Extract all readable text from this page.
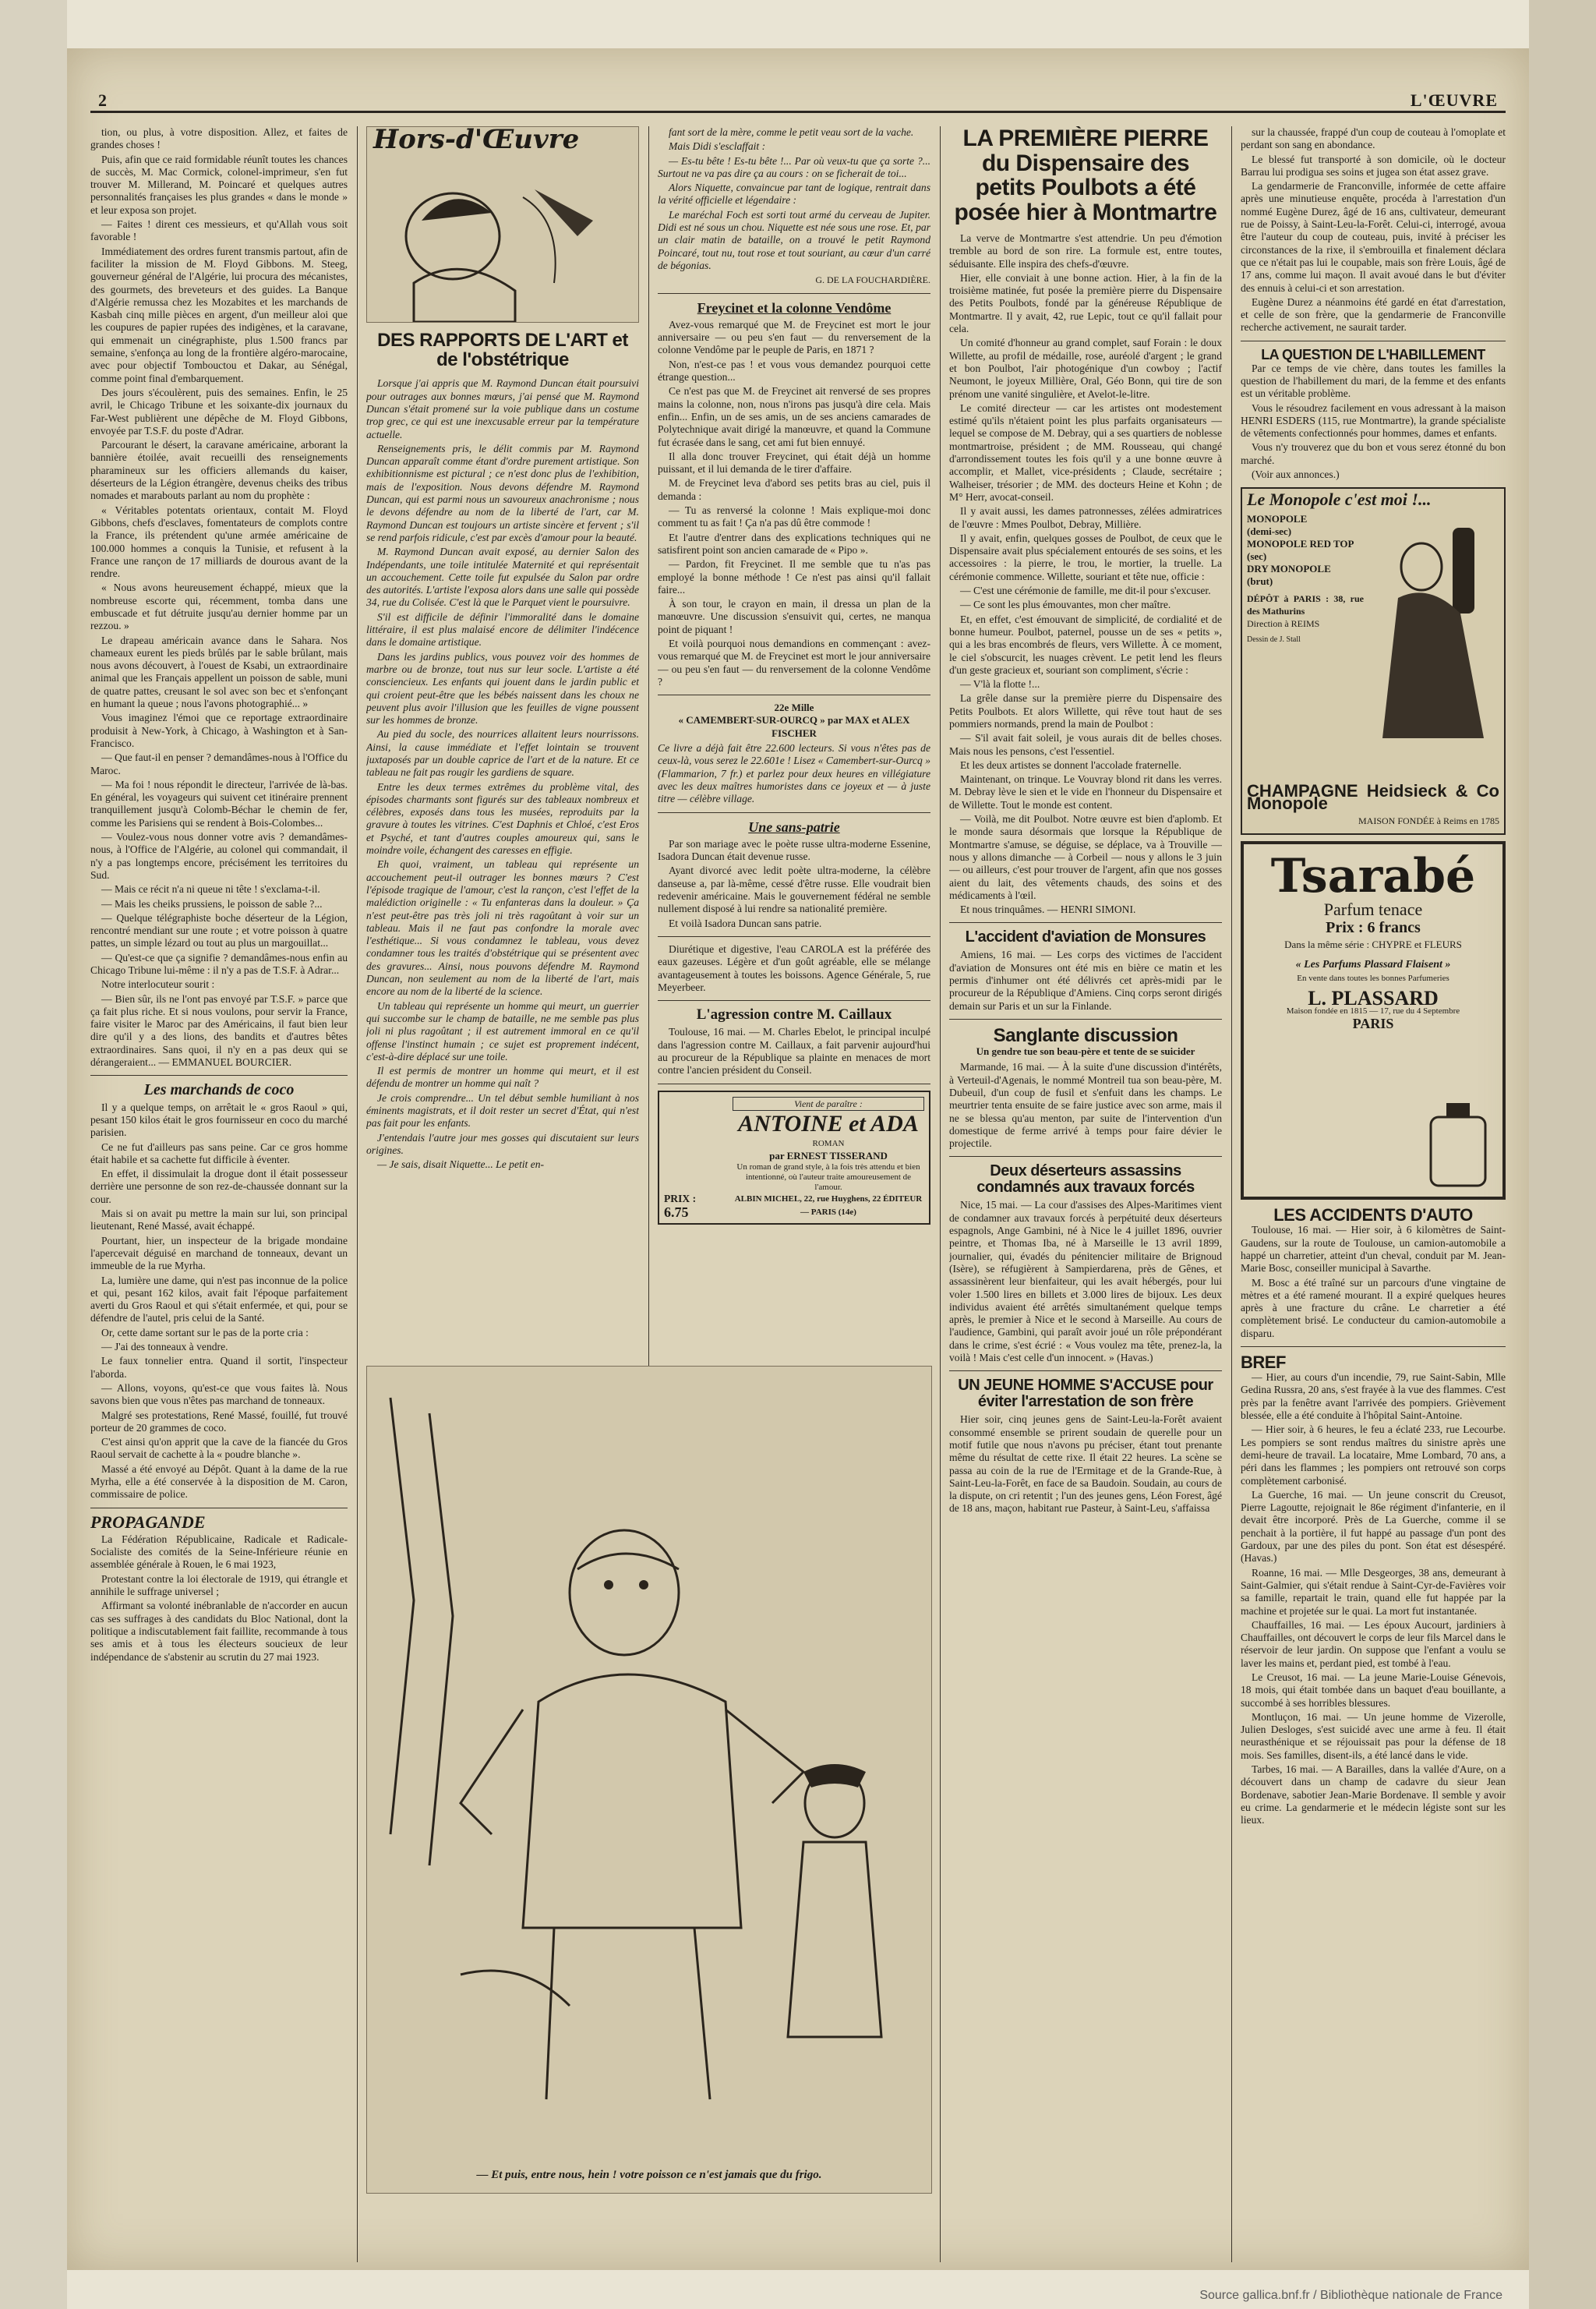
2	L'ŒUVRE

tion, ou plus, à votre disposition. Allez, et faites de grandes choses !

Puis, afin que ce raid formidable réunît toutes les chances de succès, M. Mac Cormick, colonel-imprimeur, s'en fut trouver M. Millerand, M. Poincaré et quelques autres personnalités françaises les plus grandes « dans le monde » et leur exposa son projet.

— Faites ! dirent ces messieurs, et qu'Allah vous soit favorable !

Immédiatement des ordres furent transmis partout, afin de faciliter la mission de M. Floyd Gibbons. M. Steeg, gouverneur général de l'Algérie, lui procura des mécanistes, des gourmets, des breveteurs et des guides. La Banque d'Algérie remussa chez les Mozabites et les marchands de Kasbah cinq mille pièces en argent, d'un meilleur aloi que les coupures de papier rupées des indigènes, et la caravane, qui emmenait un cinégraphiste, plus 1.500 francs par semaine, s'enfonça au long de la frontière algéro-marocaine, avec pour objectif Tombouctou et Dakar, au Sénégal, comme point final d'embarquement.

Des jours s'écoulèrent, puis des semaines. Enfin, le 25 avril, le Chicago Tribune et les soixante-dix journaux du Far-West publièrent une dépêche de M. Floyd Gibbons, envoyée par T.S.F. du poste d'Adrar.

Parcourant le désert, la caravane américaine, arborant la bannière étoilée, avait recueilli des renseignements pharamineux sur les officiers allemands du kaiser, déserteurs de la Légion étrangère, devenus cheiks des tribus nomades et marabouts parlant au nom du prophète :

« Véritables potentats orientaux, contait M. Floyd Gibbons, chefs d'esclaves, fomentateurs de complots contre la France, ils prétendent qu'une armée américaine de 100.000 hommes a conquis la Tunisie, et refusent à la France une rançon de 17 milliards de dourous avant de la rendre.

« Nous avons heureusement échappé, mieux que la nombreuse escorte qui, récemment, tomba dans une embuscade et fut détruite jusqu'au dernier homme par un rezzou. »

Le drapeau américain avance dans le Sahara. Nos chameaux eurent les pieds brûlés par le sable brûlant, mais nous avons découvert, à l'ouest de Ksabi, un extraordinaire animal que les Français appellent un poisson de sable, muni de quatre pattes, creusant le sol avec son bec et s'enfonçant en humant la queue ; nous l'avons photographié... »

Vous imaginez l'émoi que ce reportage extraordinaire produisit à New-York, à Chicago, à Washington et à San-Francisco.

— Que faut-il en penser ? demandâmes-nous à l'Office du Maroc.

— Ma foi ! nous répondit le directeur, l'arrivée de là-bas. En général, les voyageurs qui suivent cet itinéraire prennent tranquillement jusqu'à Colomb-Béchar le chemin de fer, comme les Parisiens qui se rendent à Bois-Colombes...

— Voulez-vous nous donner votre avis ? demandâmes-nous, à l'Office de l'Algérie, au colonel qui commandait, il n'y a pas longtemps encore, précisément les territoires du Sud.

— Mais ce récit n'a ni queue ni tête ! s'exclama-t-il.

— Mais les cheiks prussiens, le poisson de sable ?...

— Quelque télégraphiste boche déserteur de la Légion, rencontré mendiant sur une route ; et votre poisson à quatre pattes, un simple lézard ou tout au plus un margouillat...

— Qu'est-ce que ça signifie ? demandâmes-nous enfin au Chicago Tribune lui-même : il n'y a pas de T.S.F. à Adrar...

Notre interlocuteur sourit :

— Bien sûr, ils ne l'ont pas envoyé par T.S.F. » parce que ça fait plus riche. Et si nous voulons, pour servir la France, faire visiter le Maroc par des Américains, il faut bien leur dire qu'il y a des lions, des bandits et d'autres bêtes extraordinaires. Sans quoi, il n'y en a pas deux qui se dérangeraient... — EMMANUEL BOURCIER.

Les marchands de coco

Il y a quelque temps, on arrêtait le « gros Raoul » qui, pesant 150 kilos était le gros fournisseur en coco du marché parisien.

Ce ne fut d'ailleurs pas sans peine. Car ce gros homme était habile et sa cachette fut difficile à éventer.

En effet, il dissimulait la drogue dont il était possesseur derrière une personne de son rez-de-chaussée donnant sur la cour.

Mais si on avait pu mettre la main sur lui, son principal lieutenant, René Massé, avait échappé.

Pourtant, hier, un inspecteur de la brigade mondaine l'apercevait déguisé en marchand de tonneaux, devant un immeuble de la rue Myrha.

La, lumière une dame, qui n'est pas inconnue de la police et qui, pesant 162 kilos, avait fait l'époque parfaitement averti du Gros Raoul et qui s'était enfermée, et qui, pour se défendre de l'autel, pris celui de la Santé.

Or, cette dame sortant sur le pas de la porte cria :

— J'ai des tonneaux à vendre.

Le faux tonnelier entra. Quand il sortit, l'inspecteur l'aborda.

— Allons, voyons, qu'est-ce que vous faites là. Nous savons bien que vous n'êtes pas marchand de tonneaux.

Malgré ses protestations, René Massé, fouillé, fut trouvé porteur de 20 grammes de coco.

C'est ainsi qu'on apprit que la cave de la fiancée du Gros Raoul servait de cachette à la « poudre blanche ».

Massé a été envoyé au Dépôt. Quant à la dame de la rue Myrha, elle a été conservée à la disposition de M. Caron, commissaire de police.

PROPAGANDE

La Fédération Républicaine, Radicale et Radicale-Socialiste des comités de la Seine-Inférieure réunie en assemblée générale à Rouen, le 6 mai 1923,

Protestant contre la loi électorale de 1919, qui étrangle et annihile le suffrage universel ;

Affirmant sa volonté inébranlable de n'accorder en aucun cas ses suffrages à des candidats du Bloc National, dont la politique a indiscutablement fait faillite, recommande à tous ses amis et à tous les électeurs soucieux de leur indépendance de s'abstenir au scrutin du 27 mai 1923.

Hors-d'Œuvre
DES RAPPORTS DE L'ART et de l'obstétrique

Lorsque j'ai appris que M. Raymond Duncan était poursuivi pour outrages aux bonnes mœurs, j'ai pensé que M. Raymond Duncan s'était promené sur la voie publique dans un costume trop grec, ce qui est une inexcusable erreur par la température actuelle.

Renseignements pris, le délit commis par M. Raymond Duncan apparaît comme étant d'ordre purement artistique. Son exhibitionnisme est pictural ; ce n'est donc plus de l'exhibition, mais de l'exposition. Nous devons défendre M. Raymond Duncan, qui est parmi nous un savoureux anachronisme ; nous le devons défendre au nom de la liberté de l'art, car M. Raymond Duncan est toujours un artiste sincère et fervent ; s'il se rend parfois ridicule, c'est par excès d'amour pour la beauté.

M. Raymond Duncan avait exposé, au dernier Salon des Indépendants, une toile intitulée Maternité et qui représentait un accouchement. Cette toile fut expulsée du Salon par ordre des autorités. L'artiste l'exposa alors dans une salle qui possède 34, rue du Colisée. C'est là que le Parquet vient le poursuivre.

S'il est difficile de définir l'immoralité dans le domaine littéraire, il est plus malaisé encore de délimiter l'indécence dans le domaine artistique.

Dans les jardins publics, vous pouvez voir des hommes de marbre ou de bronze, tout nus sur leur socle. L'artiste a été consciencieux. Les enfants qui jouent dans le jardin public et qui croient peut-être que les bébés naissent dans les choux ne peuvent plus avoir l'illusion que les feuilles de vigne poussent sur les hommes de bronze.

Au pied du socle, des nourrices allaitent leurs nourrissons. Ainsi, la cause immédiate et l'effet lointain se trouvent juxtaposés par un double caprice de l'art et de la nature. Et ce tableau ne fait pas rougir les gardiens de square.

Entre les deux termes extrêmes du problème vital, des épisodes charmants sont figurés sur des tableaux nombreux et célèbres, exposés dans tous les musées, reproduits par la gravure à toutes les vitrines. C'est Daphnis et Chloé, c'est Eros et Psyché, et tant d'autres couples amoureux qui, sans le moindre voile, échangent des caresses en effigie.

Eh quoi, vraiment, un tableau qui représente un accouchement peut-il outrager les bonnes mœurs ? C'est l'épisode tragique de l'amour, c'est la rançon, c'est l'effet de la malédiction originelle : « Tu enfanteras dans la douleur. » Ça n'est peut-être pas très joli ni très ragoûtant à voir sur un tableau. Mais il ne faut pas confondre la morale avec l'esthétique... Si vous condamnez le tableau, vous devez condamner tous les traités d'obstétrique qui se présentent avec des gravures... Ainsi, nous pouvons défendre M. Raymond Duncan, non seulement au nom de la liberté de l'art, mais encore au nom de la liberté de la science.

Un tableau qui représente un homme qui meurt, un guerrier qui succombe sur le champ de bataille, ne me semble pas plus joli ni plus ragoûtant ; il est autrement immoral en ce qu'il offense l'instinct humain ; ce sujet est proprement indécent, c'est-à-dire déplacé sur une toile.

Il est permis de montrer un homme qui meurt, et il est défendu de montrer un homme qui naît ?

Je crois comprendre... Un tel début semble humiliant à nos éminents magistrats, et il doit rester un secret d'État, qui n'est pas fait pour les enfants.

J'entendais l'autre jour mes gosses qui discutaient sur leurs origines.

— Je sais, disait Niquette... Le petit en-

fant sort de la mère, comme le petit veau sort de la vache.

Mais Didi s'esclaffait :

— Es-tu bête ! Es-tu bête !... Par où veux-tu que ça sorte ?... Surtout ne va pas dire ça au cours : on se ficherait de toi...

Alors Niquette, convaincue par tant de logique, rentrait dans la vérité officielle et légendaire :

Le maréchal Foch est sorti tout armé du cerveau de Jupiter. Didi est né sous un chou. Niquette est née sous une rose. Et, par un clair matin de bataille, on a trouvé le petit Raymond Poincaré, tout nu, tout rose et tout souriant, au cœur d'un carré de bégonias.

G. DE LA FOUCHARDIÈRE.
Freycinet et la colonne Vendôme

Avez-vous remarqué que M. de Freycinet est mort le jour anniversaire — ou peu s'en faut — du renversement de la colonne Vendôme par le peuple de Paris, en 1871 ?

Non, n'est-ce pas ! et vous vous demandez pourquoi cette étrange question...

Ce n'est pas que M. de Freycinet ait renversé de ses propres mains la colonne, non, nous n'irons pas jusqu'à dire cela. Mais enfin... Enfin, un de ses amis, un de ses anciens camarades de Polytechnique avait dirigé la manœuvre, et quand la Commune fut écrasée dans le sang, cet ami fut bien ennuyé.

Il alla donc trouver Freycinet, qui était déjà un homme puissant, et il lui demanda de le tirer d'affaire.

M. de Freycinet leva d'abord ses petits bras au ciel, puis il demanda :

— Tu as renversé la colonne ! Mais explique-moi donc comment tu as fait ! Ça n'a pas dû être commode !

Et l'autre d'entrer dans des explications techniques qui ne satisfirent point son ancien camarade de « Pipo ».

— Pardon, fit Freycinet. Il me semble que tu n'as pas employé la bonne méthode ! Ce n'est pas ainsi qu'il fallait faire...

À son tour, le crayon en main, il dressa un plan de la manœuvre. Une discussion s'ensuivit qui, certes, ne manqua point de piquant !

Et voilà pourquoi nous demandions en commençant : avez-vous remarqué que M. de Freycinet est mort le jour anniversaire — ou peu s'en faut — du renversement de la colonne Vendôme ?

22e Mille
« CAMEMBERT-SUR-OURCQ » par MAX et ALEX FISCHER
Ce livre a déjà fait être 22.600 lecteurs. Si vous n'êtes pas de ceux-là, vous serez le 22.601e ! Lisez « Camembert-sur-Ourcq » (Flammarion, 7 fr.) et parlez pour deux heures en villégiature avec les deux maîtres humoristes dans ce joyeux et — à juste titre — célèbre village.
Une sans-patrie

Par son mariage avec le poète russe ultra-moderne Essenine, Isadora Duncan était devenue russe.

Ayant divorcé avec ledit poète ultra-moderne, la célèbre danseuse a, par là-même, cessé d'être russe. Elle voudrait bien redevenir américaine. Mais le gouvernement fédéral ne semble nullement disposé à lui rendre sa nationalité première.

Et voilà Isadora Duncan sans patrie.

Diurétique et digestive, l'eau CAROLA est la préférée des eaux gazeuses. Légère et d'un goût agréable, elle se mélange avantageusement à toutes les boissons. Agence Générale, 5, rue Meyerbeer.

L'agression contre M. Caillaux

Toulouse, 16 mai. — M. Charles Ebelot, le principal inculpé dans l'agression contre M. Caillaux, a fait parvenir aujourd'hui au procureur de la République sa plainte en menaces de mort contre l'ancien président du Conseil.

PRIX :
6.75
Vient de paraître :
ANTOINE et ADA
ROMAN
par ERNEST TISSERAND
Un roman de grand style, à la fois très attendu et bien intentionné, où l'auteur traite amoureusement de l'amour.
ALBIN MICHEL, 22, rue Huyghens, 22 ÉDITEUR — PARIS (14e)
— Et puis, entre nous, hein ! votre poisson ce n'est jamais que du frigo.
LA PREMIÈRE PIERRE du Dispensaire des petits Poulbots a été posée hier à Montmartre

La verve de Montmartre s'est attendrie. Un peu d'émotion tremble au bord de son rire. La formule est, entre toutes, séduisante. Elle inspira des chefs-d'œuvre.

Hier, elle conviait à une bonne action. Hier, à la fin de la troisième matinée, fut posée la première pierre du Dispensaire des Petits Poulbots, fondé par la généreuse République de Montmartre. Il y avait, 42, rue Lepic, tout ce qu'il fallait pour cela.

Un comité d'honneur au grand complet, sauf Forain : le doux Willette, au profil de médaille, rose, auréolé d'argent ; le grand et bon Poulbot, l'air photogénique d'un cowboy ; l'actif Neumont, le joyeux Millière, Oral, Géo Bonn, qui tire de son prénom une vanité singulière, et Avelot-le-litre.

Le comité directeur — car les artistes ont modestement estimé qu'ils n'étaient point les plus parfaits organisateurs — lequel se compose de M. Debray, qui a ses quartiers de noblesse montmartroise, président ; de MM. Rousseau, qui changé d'arrondissement toutes les fois qu'il y a une bonne œuvre à accomplir, et Mallet, vice-présidents ; Claude, secrétaire ; Walheiser, trésorier ; de MM. des docteurs Heine et Kohn ; de M° Herr, avocat-conseil.

Il y avait aussi, les dames patronnesses, zélées admiratrices de l'œuvre : Mmes Poulbot, Debray, Millière.

Il y avait, enfin, quelques gosses de Poulbot, de ceux que le Dispensaire avait plus spécialement entourés de ses soins, et les accessoires : la pierre, le trou, le mortier, la truelle. La cérémonie commence. Willette, souriant et tête nue, officie :

— C'est une cérémonie de famille, me dit-il pour s'excuser.

— Ce sont les plus émouvantes, mon cher maître.

Et, en effet, c'est émouvant de simplicité, de cordialité et de bonne humeur. Poulbot, paternel, pousse un de ses « petits », qui a les bras encombrés de fleurs, vers Willette. À ce moment, le ciel s'obscurcit, les nuages crèvent. Le petit lend les fleurs d'un geste gracieux et, souriant son compliment, s'écrie :

— V'là la flotte !...

La grêle danse sur la première pierre du Dispensaire des Petits Poulbots. Et alors Willette, qui rêve tout haut de ses pommiers normands, prend la main de Poulbot :

— S'il avait fait soleil, je vous aurais dit de belles choses. Mais nous les pensons, c'est l'essentiel.

Et les deux artistes se donnent l'accolade fraternelle.

Maintenant, on trinque. Le Vouvray blond rit dans les verres. M. Debray lève le sien et le vide en l'honneur du Dispensaire et de Willette. Tout le monde est content.

— Voilà, me dit Poulbot. Notre œuvre est bien d'aplomb. Et le monde saura désormais que lorsque la République de Montmartre s'amuse, se déguise, se déplace, va à Trouville — nous y allons dimanche — à Corbeil — nous y allons le 3 juin — ou ailleurs, c'est pour trouver de l'argent, afin que nos gosses aient du lait, des vêtements chauds, des soins et des médicaments à l'œil.

Et nous trinquâmes. — HENRI SIMONI.

L'accident d'aviation de Monsures

Amiens, 16 mai. — Les corps des victimes de l'accident d'aviation de Monsures ont été mis en bière ce matin et les permis d'inhumer ont été délivrés cet après-midi par le procureur de la République d'Amiens. Cinq corps seront dirigés demain sur Paris et un sur la Finlande.

Sanglante discussion
Un gendre tue son beau-père et tente de se suicider

Marmande, 16 mai. — À la suite d'une discussion d'intérêts, à Verteuil-d'Agenais, le nommé Montreil tua son beau-père, M. Dubeuil, d'un coup de fusil et s'enfuit dans les champs. Le meurtrier tenta ensuite de se faire justice avec son arme, mais il ne se blessa qu'au menton, par suite de l'intervention d'un domestique de ferme arrivé à temps pour faire dévier le projectile.

Deux déserteurs assassins condamnés aux travaux forcés

Nice, 15 mai. — La cour d'assises des Alpes-Maritimes vient de condamner aux travaux forcés à perpétuité deux déserteurs espagnols, Ange Gambini, né à Nice le 4 juillet 1896, ouvrier peintre, et Thomas Iba, né à Marseille le 13 avril 1899, journalier, qui, évadés du pénitencier militaire de Brignoud (Isère), se réfugièrent à Sampierdarena, près de Gênes, et assassinèrent leur bienfaiteur, qui les avait hébergés, pour lui voler 1.500 lires en billets et 3.000 lires de bijoux. Les deux individus avaient été arrêtés simultanément quelque temps après, le premier à Nice et le second à Marseille. Au cours de l'audience, Gambini, qui paraît avoir joué un rôle prépondérant dans le crime, s'est écrié : « Vous voulez ma tête, prenez-la, la voilà ! Mais c'est celle d'un innocent. » (Havas.)

UN JEUNE HOMME S'ACCUSE pour éviter l'arrestation de son frère

Hier soir, cinq jeunes gens de Saint-Leu-la-Forêt avaient consommé ensemble se prirent soudain de querelle pour un motif futile que nous n'avons pu préciser, étant tout prenante même du résultat de cette rixe. Il était 22 heures. La scène se passa au coin de la rue de l'Ermitage et de la Grande-Rue, à Saint-Leu-la-Forêt, en face de sa Baudoin. Soudain, au cours de la dispute, on cri retentit ; l'un des jeunes gens, Léon Forest, âgé de 18 ans, maçon, habitant rue Pasteur, à Saint-Leu, s'affaissa

sur la chaussée, frappé d'un coup de couteau à l'omoplate et perdant son sang en abondance.

Le blessé fut transporté à son domicile, où le docteur Barrau lui prodigua ses soins et jugea son état assez grave.

La gendarmerie de Franconville, informée de cette affaire après une minutieuse enquête, procéda à l'arrestation d'un nommé Eugène Durez, âgé de 16 ans, cultivateur, demeurant rue de Poissy, à Saint-Leu-la-Forêt. Celui-ci, interrogé, avoua être l'auteur du coup de couteau, puis, invité à préciser les circonstances de la rixe, il s'embrouilla et finalement déclara que ce n'était pas lui le coupable, mais son frère Louis, âgé de 17 ans, comme lui maçon. Il avait avoué dans le but d'éviter des ennuis à celui-ci et son arrestation.

Eugène Durez a néanmoins été gardé en état d'arrestation, et celle de son frère, que la gendarmerie de Franconville recherche activement, ne saurait tarder.

LA QUESTION DE L'HABILLEMENT

Par ce temps de vie chère, dans toutes les familles la question de l'habillement du mari, de la femme et des enfants est un véritable problème.

Vous le résoudrez facilement en vous adressant à la maison HENRI ESDERS (115, rue Montmartre), la grande spécialiste de vêtements confectionnés pour hommes, dames et enfants.

Vous n'y trouverez que du bon et vous serez étonné du bon marché.

(Voir aux annonces.)

Le Monopole c'est moi !...
MONOPOLE
(demi-sec)
MONOPOLE RED TOP
(sec)
DRY MONOPOLE
(brut)
DÉPÔT à PARIS : 38, rue des Mathurins
Direction à REIMS
Dessin de J. Stall
CHAMPAGNE Heidsieck & Co Monopole
MAISON FONDÉE à Reims en 1785
Tsarabé
Parfum tenace
Prix : 6 francs
Dans la même série : CHYPRE et FLEURS
« Les Parfums Plassard Flaisent »
En vente dans toutes les bonnes Parfumeries
L. PLASSARD
Maison fondée en 1815 — 17, rue du 4 Septembre
PARIS
LES ACCIDENTS D'AUTO

Toulouse, 16 mai. — Hier soir, à 6 kilomètres de Saint-Gaudens, sur la route de Toulouse, un camion-automobile a happé un charretier, atteint d'un cheval, conduit par M. Jean-Marie Bosc, conseiller municipal à Savarthe.

M. Bosc a été traîné sur un parcours d'une vingtaine de mètres et a été ramené mourant. Il a expiré quelques heures après à une fracture du crâne. Le charretier a été complètement brisé. Le conducteur du camion-automobile a disparu.

BREF

— Hier, au cours d'un incendie, 79, rue Saint-Sabin, Mlle Gedina Russra, 20 ans, s'est frayée à la vue des flammes. C'est près par la fenêtre avant l'arrivée des pompiers. Grièvement blessée, elle a été conduite à l'hôpital Saint-Antoine.

— Hier soir, à 6 heures, le feu a éclaté 233, rue Lecourbe. Les pompiers se sont rendus maîtres du sinistre après une demi-heure de travail. La locataire, Mme Lombard, 70 ans, a péri dans les flammes ; les pompiers ont retrouvé son corps complètement carbonisé.

La Guerche, 16 mai. — Un jeune conscrit du Creusot, Pierre Lagoutte, rejoignait le 86e régiment d'infanterie, en il devait être incorporé. Près de La Guerche, comme il se penchait à la portière, il fut happé au passage d'un pont des Gardoux, par une des piles du pont. Son état est désespéré. (Havas.)

Roanne, 16 mai. — Mlle Desgeorges, 38 ans, demeurant à Saint-Galmier, qui s'était rendue à Saint-Cyr-de-Favières voir sa famille, repartait le train, quand elle fut happée par la machine et projetée sur le quai. La mort fut instantanée.

Chauffailles, 16 mai. — Les époux Aucourt, jardiniers à Chauffailles, ont découvert le corps de leur fils Marcel dans le réservoir de leur jardin. On suppose que l'enfant a voulu se laver les mains et, perdant pied, est tombé à l'eau.

Le Creusot, 16 mai. — La jeune Marie-Louise Génevois, 18 mois, qui était tombée dans un baquet d'eau bouillante, a succombé à ses horribles blessures.

Montluçon, 16 mai. — Un jeune homme de Vizerolle, Julien Desloges, s'est suicidé avec une arme à feu. Il était neurasthénique et se réjouissait pas pour la défense de 18 mois. Ses familles, disent-ils, a été lancé dans le vide.

Tarbes, 16 mai. — A Barailles, dans la vallée d'Aure, on a découvert dans un champ de cadavre du sieur Jean Bordenave, sabotier Jean-Marie Bordenave. Il semble y avoir eu crime. La gendarmerie et le médecin légiste sont sur les lieux.

Source gallica.bnf.fr / Bibliothèque nationale de France
